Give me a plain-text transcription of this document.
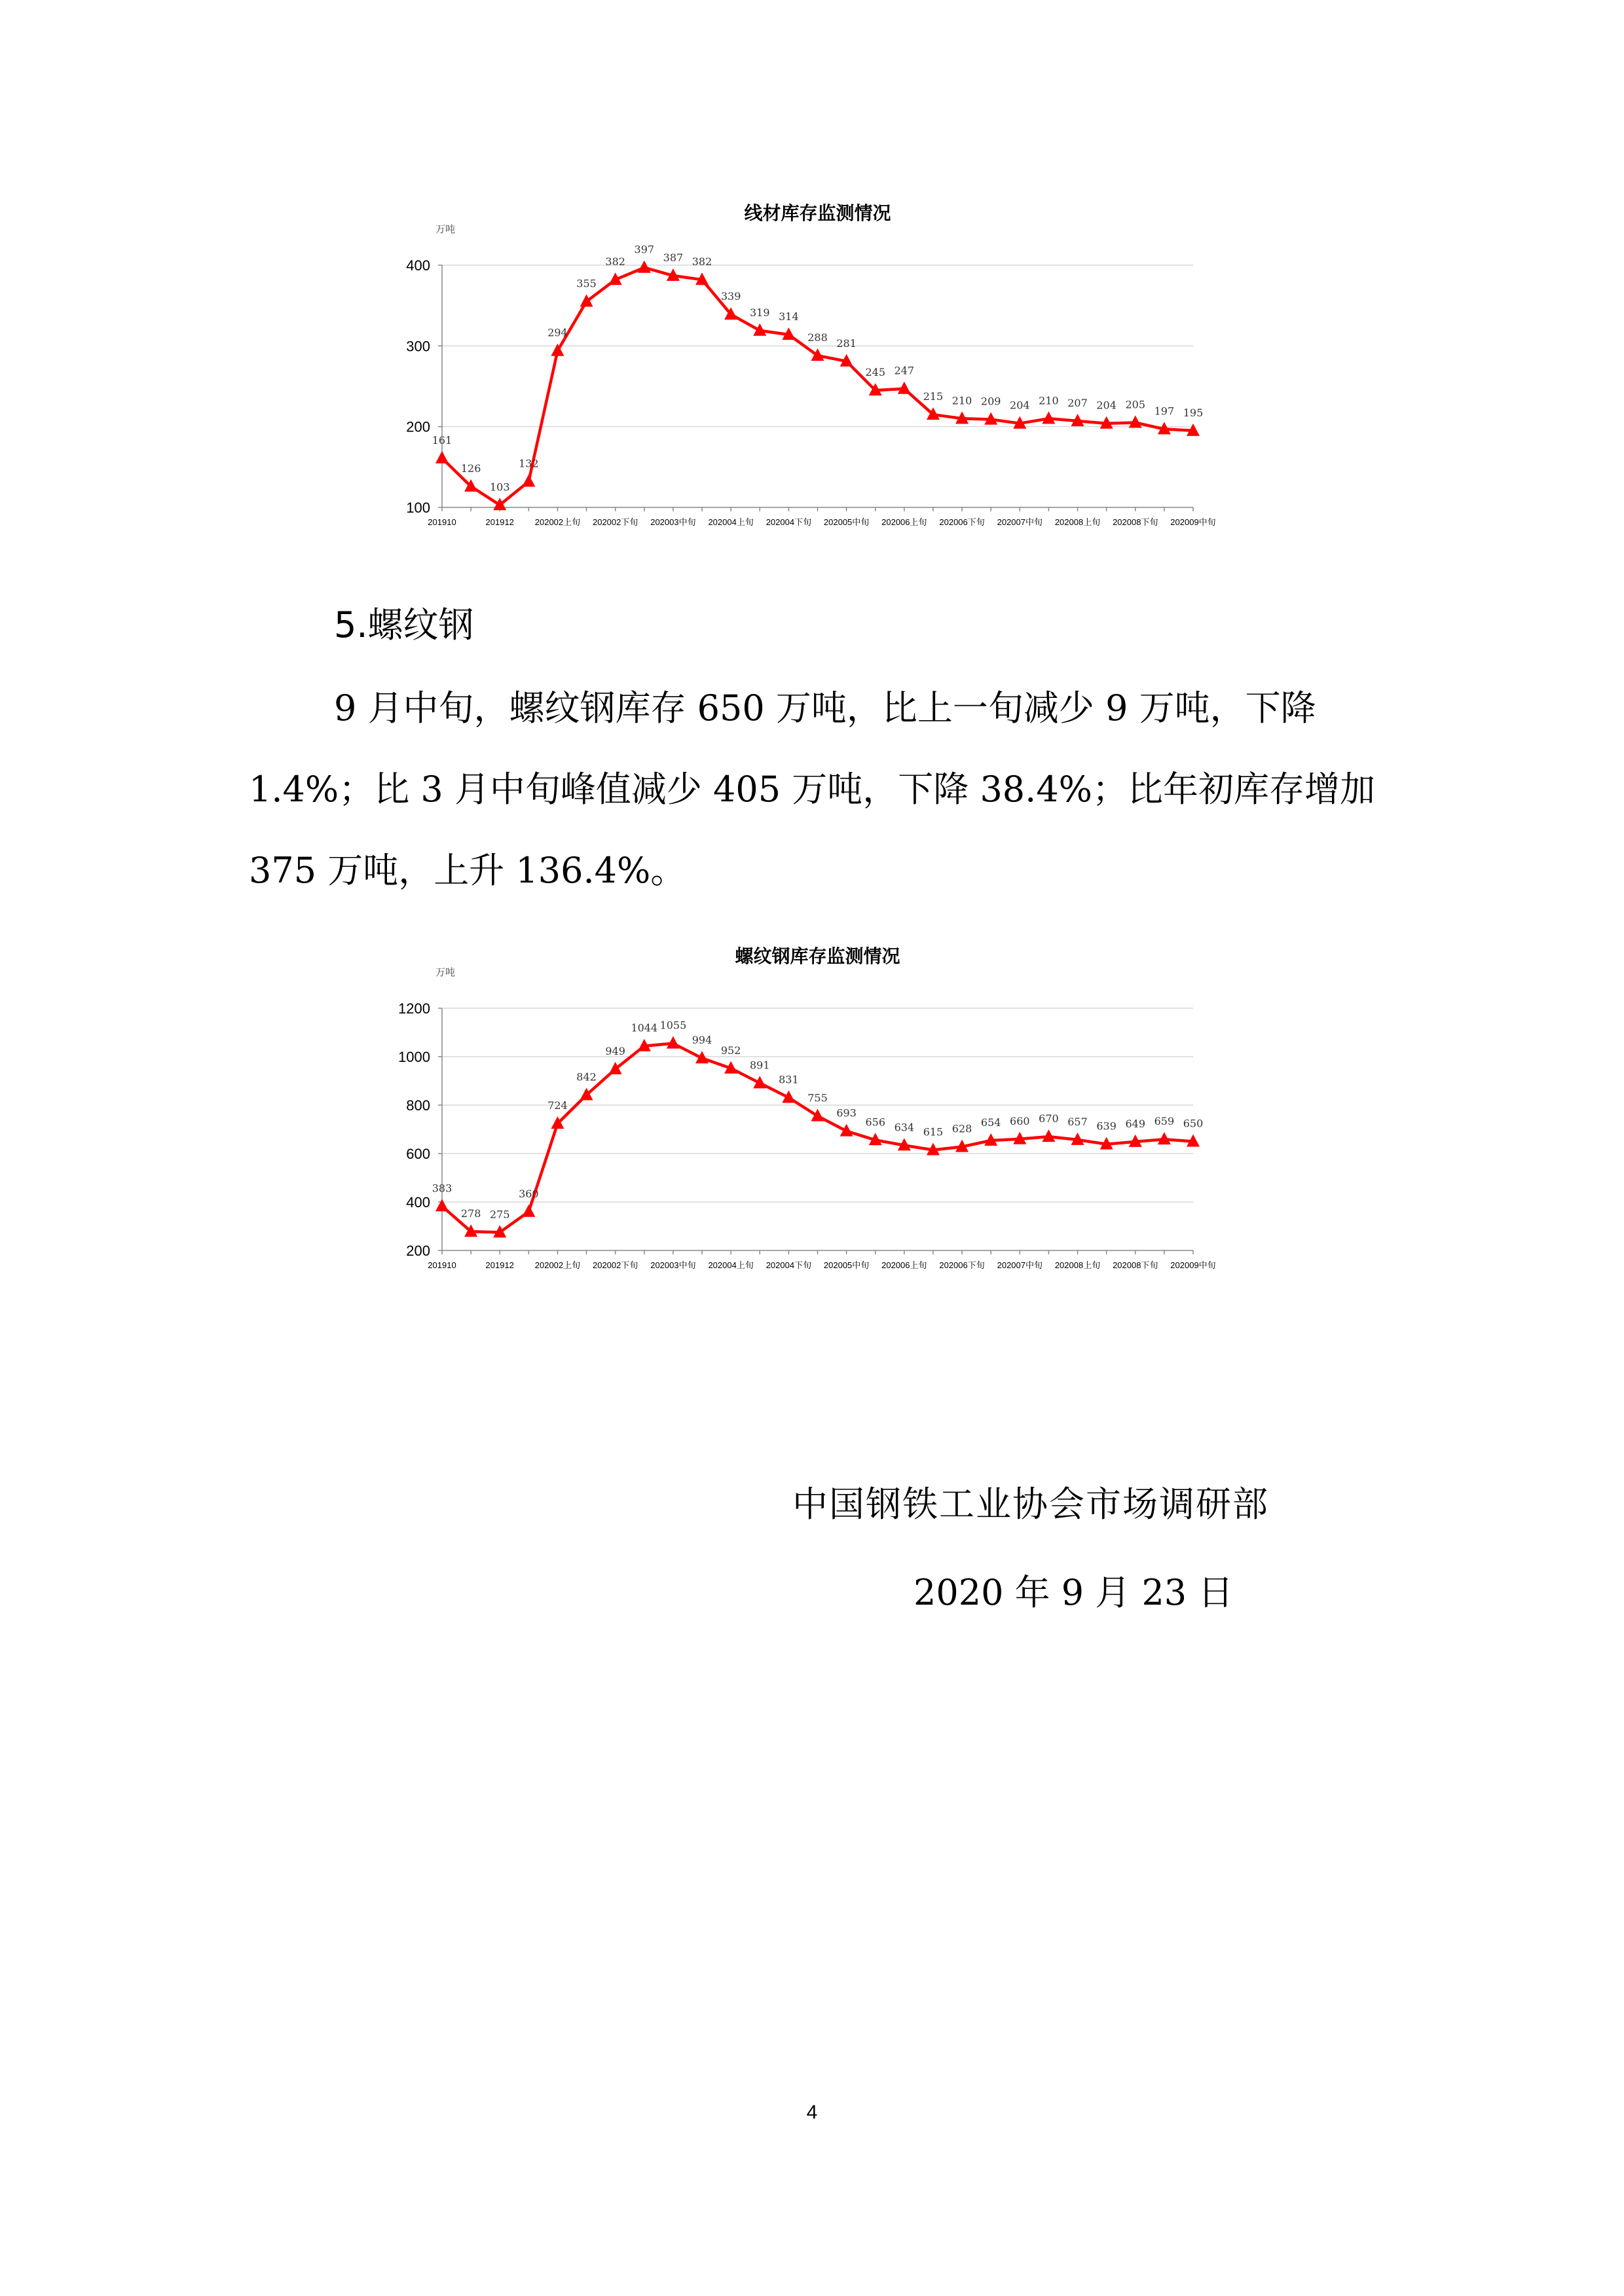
线材库存监测情况
万吨
100
200
300
400
201910	201912 202002上旬 202002下旬 202003中旬 202004上旬 202004下旬 202005中旬 202006上旬 202006下旬 202007中旬 202008上旬 202008下旬 202009中旬
161
126
103
132
294
355
382
397
387 382
339
319 314
288 281
245 247
215 210 209 204 210 207 204 205
197 195
5.螺纹钢

9 月中旬，螺纹钢库存 650 万吨，比上一旬减少 9 万吨，下降 1.4%；比 3 月中旬峰值减少 405 万吨，下降 38.4%；比年初库存增加 375 万吨，上升 136.4%。

螺纹钢库存监测情况
万吨
200
400
600
800
1000
1200
201910	201912 202002上旬 202002下旬 202003中旬 202004上旬 202004下旬 202005中旬 202006上旬 202006下旬 202007中旬 202008上旬 202008下旬 202009中旬
383
278 275
360
724
842
949
1044 1055
994
952
891
831
755
693
656 634 615 628
654 660 670 657 639 649 659 650
中国钢铁工业协会市场调研部
2020 年 9 月 23 日
4
